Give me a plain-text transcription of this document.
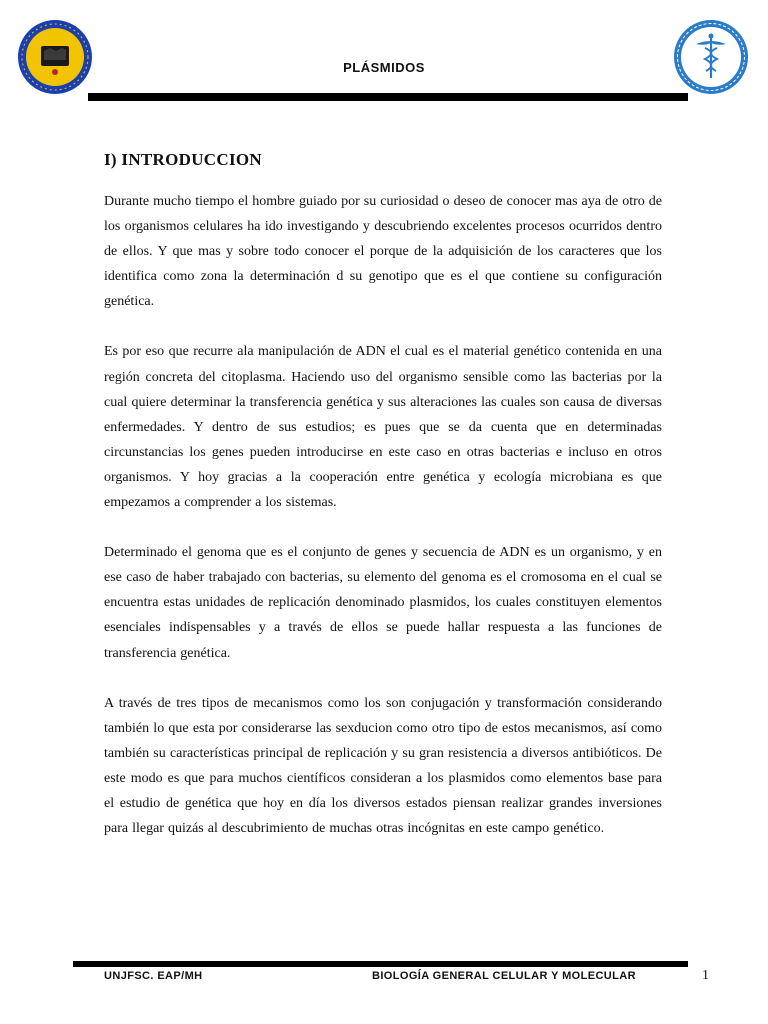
PLÁSMIDOS
I) INTRODUCCION

Durante mucho tiempo el hombre guiado por su curiosidad o deseo de conocer mas aya de otro de los organismos celulares ha ido investigando y descubriendo excelentes procesos ocurridos dentro de ellos. Y que mas y sobre todo conocer el porque de la adquisición de los caracteres que los identifica como zona la determinación d su genotipo que es el que contiene su configuración genética.

Es por eso que recurre ala manipulación de ADN el cual es el material genético contenida en una región concreta del citoplasma. Haciendo uso del organismo sensible como las bacterias por la cual quiere determinar la transferencia genética y sus alteraciones las cuales son causa de diversas enfermedades. Y dentro de sus estudios; es pues que se da cuenta que en determinadas circunstancias los genes pueden introducirse en este caso en otras bacterias e incluso en otros organismos. Y hoy gracias a la cooperación entre genética y ecología microbiana es que empezamos a comprender a los sistemas.

Determinado el genoma que es el conjunto de genes y secuencia de ADN es un organismo, y en ese caso de haber trabajado con bacterias, su elemento del genoma es el cromosoma en el cual se encuentra estas unidades de replicación denominado plasmidos, los cuales constituyen elementos esenciales indispensables y a través de ellos se puede hallar respuesta a las funciones de transferencia genética.

A través de tres tipos de mecanismos como los son conjugación y transformación considerando también lo que esta por considerarse las sexducion como otro tipo de estos mecanismos, así como también su características principal de replicación y su gran resistencia a diversos antibióticos. De este modo es que para muchos científicos consideran a los plasmidos como elementos base para el estudio de genética que hoy en día los diversos estados piensan realizar grandes inversiones para llegar quizás al descubrimiento de muchas otras incógnitas en este campo genético.

UNJFSC. EAP/MH	BIOLOGÍA GENERAL CELULAR Y MOLECULAR	1
